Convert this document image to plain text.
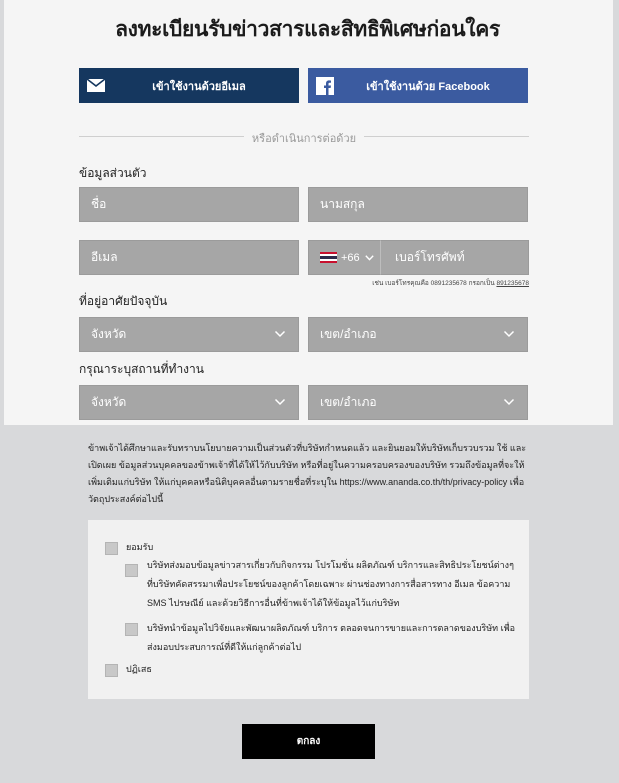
ลงทะเบียนรับข่าวสารและสิทธิพิเศษก่อนใคร
เข้าใช้งานด้วยอีเมล	เข้าใช้งานด้วย Facebook
หรือดำเนินการต่อด้วย
ข้อมูลส่วนตัว
ชื่อ	นามสกุล
อีเมล	+66	เบอร์โทรศัพท์
เช่น เบอร์โทรคุณคือ 0891235678 กรอกเป็น 891235678
ที่อยู่อาศัยปัจจุบัน
จังหวัด	เขต/อำเภอ
กรุณาระบุสถานที่ทำงาน
จังหวัด	เขต/อำเภอ
ข้าพเจ้าได้ศึกษาและรับทราบนโยบายความเป็นส่วนตัวที่บริษัทกำหนดแล้ว และยินยอมให้บริษัทเก็บรวบรวม ใช้ และเปิดเผย ข้อมูลส่วนบุคคลของข้าพเจ้าที่ได้ให้ไว้กับบริษัท หรือที่อยู่ในความครอบครองของบริษัท รวมถึงข้อมูลที่จะให้เพิ่มเติมแก่บริษัท ให้แก่บุคคลหรือนิติบุคคลอื่นตามรายชื่อที่ระบุใน https://www.ananda.co.th/th/privacy-policy เพื่อวัตถุประสงค์ต่อไปนี้
ยอมรับ
บริษัทส่งมอบข้อมูลข่าวสารเกี่ยวกับกิจกรรม โปรโมชั่น ผลิตภัณฑ์ บริการและสิทธิประโยชน์ต่างๆ ที่บริษัทคัดสรรมาเพื่อประโยชน์ของลูกค้าโดยเฉพาะ ผ่านช่องทางการสื่อสารทาง อีเมล ข้อความ SMS ไปรษณีย์ และด้วยวิธีการอื่นที่ข้าพเจ้าได้ให้ข้อมูลไว้แก่บริษัท
บริษัทนำข้อมูลไปวิจัยและพัฒนาผลิตภัณฑ์ บริการ ตลอดจนการขายและการตลาดของบริษัท เพื่อส่งมอบประสบการณ์ที่ดีให้แก่ลูกค้าต่อไป
ปฏิเสธ
ตกลง
